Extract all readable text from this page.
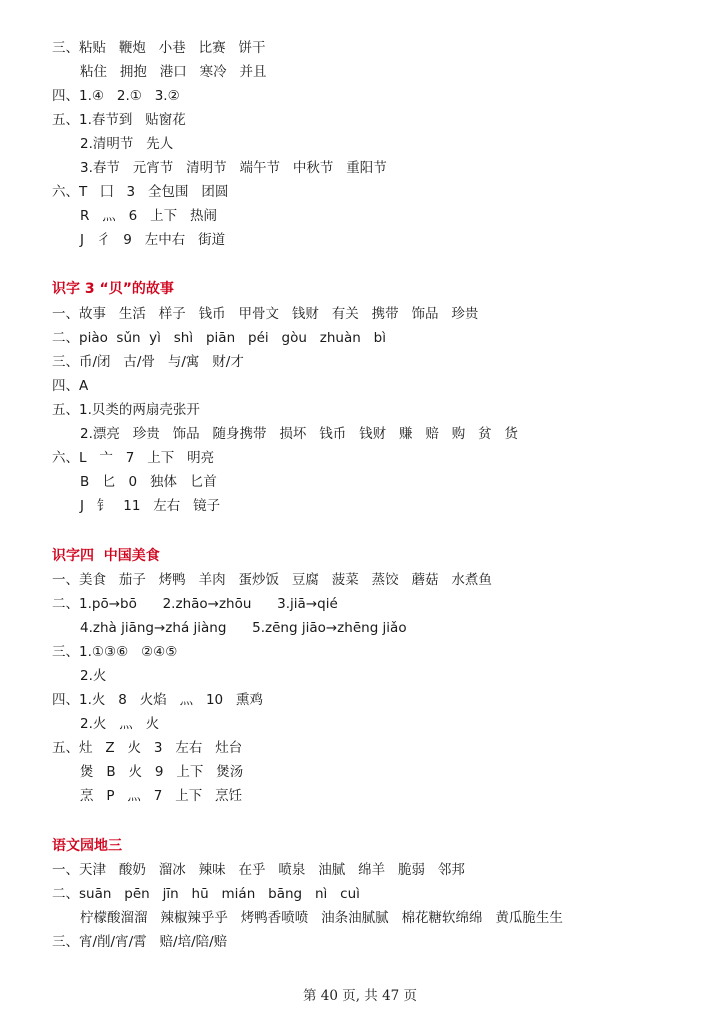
三、粘贴   鞭炮   小巷   比赛   饼干
粘住   拥抱   港口   寒冷   并且
四、1.④   2.①   3.②
五、1.春节到   贴窗花
2.清明节   先人
3.春节   元宵节   清明节   端午节   中秋节   重阳节
六、T   囗   3   全包围   团圆
R   灬   6   上下   热闹
J   彳   9   左中右   街道
识字 3 “贝”的故事
一、故事   生活   样子   钱币   甲骨文   钱财   有关   携带   饰品   珍贵
二、piào  sǔn  yì   shì   piān   péi   gòu   zhuàn   bì
三、币/闭   古/骨   与/寓   财/才
四、A
五、1.贝类的两扇壳张开
2.漂亮   珍贵   饰品   随身携带   损坏   钱币   钱财   赚   赔   购   贫   货
六、L   亠   7   上下   明亮
B   匕   0   独体   匕首
J   钅   11   左右   镜子
识字四  中国美食
一、美食   茄子   烤鸭   羊肉   蛋炒饭   豆腐   菠菜   蒸饺   蘑菇   水煮鱼
二、1.pō→bō      2.zhāo→zhōu      3.jiā→qié
4.zhà jiāng→zhá jiàng      5.zēng jiāo→zhēng jiǎo
三、1.①③⑥   ②④⑤
2.火
四、1.火   8   火焰   灬   10   熏鸡
2.火   灬   火
五、灶   Z   火   3   左右   灶台
煲   B   火   9   上下   煲汤
烹   P   灬   7   上下   烹饪
语文园地三
一、天津   酸奶   溜冰   辣味   在乎   喷泉   油腻   绵羊   脆弱   邻邦
二、suān   pēn   jīn   hū   mián   bāng   nì   cuì
柠檬酸溜溜   辣椒辣乎乎   烤鸭香喷喷   油条油腻腻   棉花糖软绵绵   黄瓜脆生生
三、宵/削/宵/霄   赔/培/陪/赔
第 40 页, 共 47 页
